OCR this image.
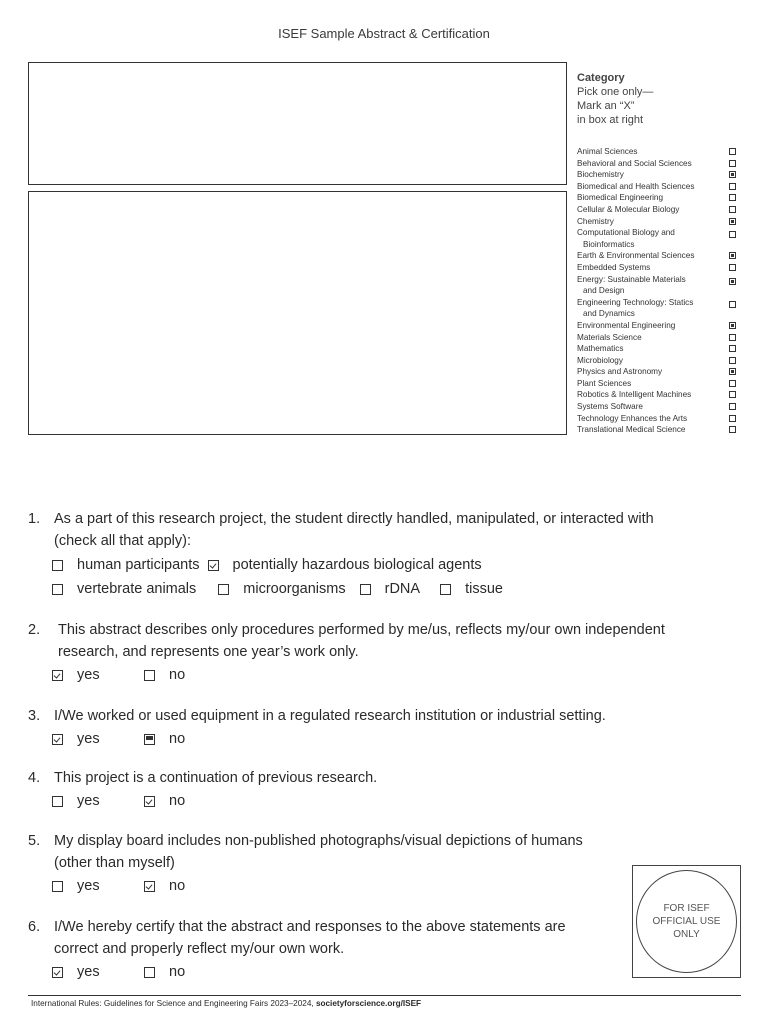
ISEF Sample Abstract & Certification
Category
Pick one only—
Mark an “X”
in box at right
Animal Sciences
Behavioral and Social Sciences
Biochemistry
Biomedical and Health Sciences
Biomedical Engineering
Cellular & Molecular Biology
Chemistry
Computational Biology and
Bioinformatics
Earth & Environmental Sciences
Embedded Systems
Energy: Sustainable Materials
and Design
Engineering Technology: Statics
and Dynamics
Environmental Engineering
Materials Science
Mathematics
Microbiology
Physics and Astronomy
Plant Sciences
Robotics & Intelligent Machines
Systems Software
Technology Enhances the Arts
Translational Medical Science
1. As a part of this research project, the student directly handled, manipulated, or interacted with
(check all that apply):
human participants potentially hazardous biological agents
vertebrate animals	microorganisms	rDNA	tissue
2.	This abstract describes only procedures performed by me/us, reflects my/our own independent
research, and represents one year’s work only.
yes	no
3. I/We worked or used equipment in a regulated research institution or industrial setting.
yes	no
4. This project is a continuation of previous research.
yes	no
5. My display board includes non-published photographs/visual depictions of humans
(other than myself)
yes	no
6. I/We hereby certify that the abstract and responses to the above statements are
correct and properly reflect my/our own work.
yes	no
FOR ISEF OFFICIAL USE ONLY
International Rules: Guidelines for Science and Engineering Fairs 2023–2024, societyforscience.org/ISEF
